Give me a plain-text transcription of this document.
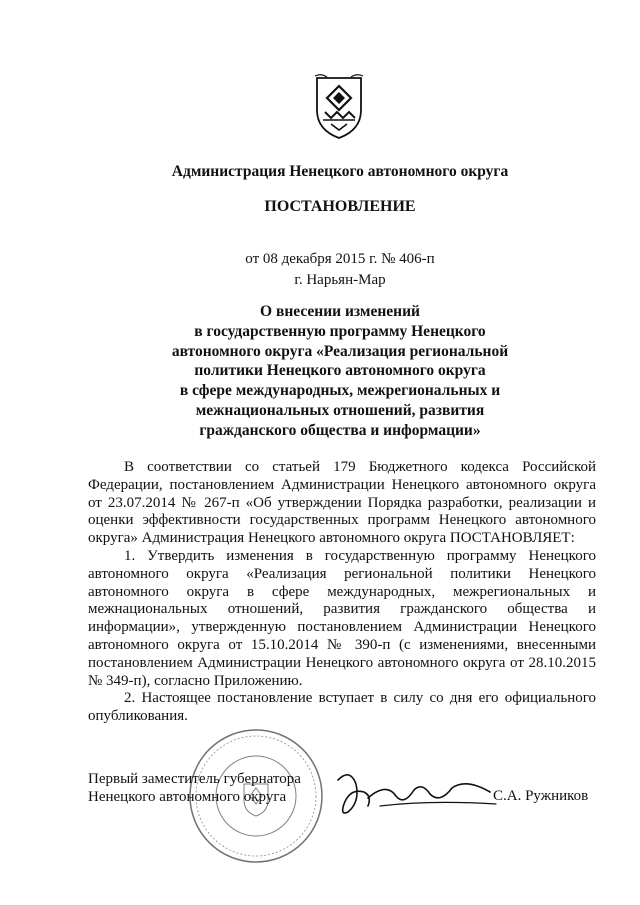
Администрация Ненецкого автономного округа
ПОСТАНОВЛЕНИЕ
от 08 декабря 2015 г. № 406-п
г. Нарьян-Мар
О внесении изменений
в государственную программу Ненецкого
автономного округа «Реализация региональной
политики Ненецкого автономного округа
в сфере международных, межрегиональных и
межнациональных отношений, развития
гражданского общества и информации»

В соответствии со статьей 179 Бюджетного кодекса Российской Федерации, постановлением Администрации Ненецкого автономного округа от 23.07.2014 № 267-п «Об утверждении Порядка разработки, реализации и оценки эффективности государственных программ Ненецкого автономного округа» Администрация Ненецкого автономного округа ПОСТАНОВЛЯЕТ:

1. Утвердить изменения в государственную программу Ненецкого автономного округа «Реализация региональной политики Ненецкого автономного округа в сфере международных, межрегиональных и межнациональных отношений, развития гражданского общества и информации», утвержденную постановлением Администрации Ненецкого автономного округа от 15.10.2014 № 390-п (с изменениями, внесенными постановлением Администрации Ненецкого автономного округа от 28.10.2015 № 349-п), согласно Приложению.

2. Настоящее постановление вступает в силу со дня его официального опубликования.

Первый заместитель губернатора
Ненецкого автономного округа	С.А. Ружников
